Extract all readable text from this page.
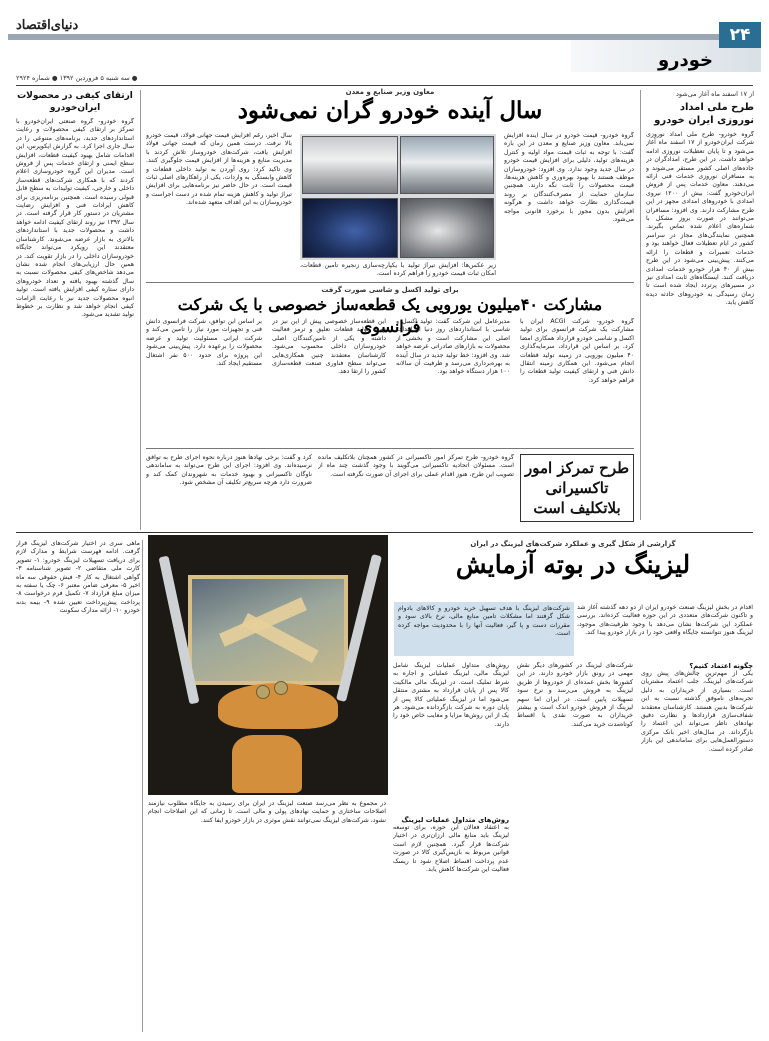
۲۴
دنیای‌اقتصاد
خودرو
● سه شنبه ۵ فروردین ۱۳۹۲ ● شماره ۲۹۲۴
ارتقای کیفی در محصولات ایران‌خودرو
گروه خودرو- گروه صنعتی ایران‌خودرو با تمرکز بر ارتقای کیفی محصولات و رعایت استانداردهای جدید، برنامه‌های متنوعی را در سال جاری اجرا کرد. به گزارش ایکوپرس، این اقدامات شامل بهبود کیفیت قطعات، افزایش سطح ایمنی و ارتقای خدمات پس از فروش است. مدیران این گروه خودروسازی اعلام کردند که با همکاری شرکت‌های قطعه‌ساز داخلی و خارجی، کیفیت تولیدات به سطح قابل قبولی رسیده است. همچنین برنامه‌ریزی برای کاهش ایرادات فنی و افزایش رضایت مشتریان در دستور کار قرار گرفته است. در سال ۱۳۹۲ نیز روند ارتقای کیفیت ادامه خواهد داشت و محصولات جدید با استانداردهای بالاتری به بازار عرضه می‌شوند. کارشناسان معتقدند این رویکرد می‌تواند جایگاه خودروسازان داخلی را در بازار تقویت کند. در همین حال ارزیابی‌های انجام شده نشان می‌دهد شاخص‌های کیفی محصولات نسبت به سال گذشته بهبود یافته و تعداد خودروهای دارای ستاره کیفی افزایش یافته است. تولید انبوه محصولات جدید نیز با رعایت الزامات کیفی انجام خواهد شد و نظارت بر خطوط تولید تشدید می‌شود.
از ۱۷ اسفند ماه آغاز می‌شود
طرح ملی امداد نوروزی ایران خودرو
گروه خودرو- طرح ملی امداد نوروزی شرکت ایران‌خودرو از ۱۷ اسفند ماه آغاز می‌شود و تا پایان تعطیلات نوروزی ادامه خواهد داشت. در این طرح، امدادگران در جاده‌های اصلی کشور مستقر می‌شوند و به مسافران نوروزی خدمات فنی ارائه می‌دهند. معاون خدمات پس از فروش ایران‌خودرو گفت: بیش از ۱۲۰۰ نیروی امدادی با خودروهای امدادی مجهز در این طرح مشارکت دارند. وی افزود: مسافران می‌توانند در صورت بروز مشکل با شماره‌های اعلام شده تماس بگیرند. همچنین نمایندگی‌های مجاز در سراسر کشور در ایام تعطیلات فعال خواهند بود و خدمات تعمیرات و قطعات را ارائه می‌کنند. پیش‌بینی می‌شود در این طرح بیش از ۴۰ هزار خودرو خدمات امدادی دریافت کنند. ایستگاه‌های ثابت امدادی نیز در مسیرهای پرتردد ایجاد شده است تا زمان رسیدگی به خودروهای حادثه دیده کاهش یابد.
معاون وزیر صنایع و معدن
سال آینده خودرو گران نمی‌شود
گروه خودرو- قیمت خودرو در سال آینده افزایش نمی‌یابد. معاون وزیر صنایع و معدن در این باره گفت: با توجه به ثبات قیمت مواد اولیه و کنترل هزینه‌های تولید، دلیلی برای افزایش قیمت خودرو در سال جدید وجود ندارد. وی افزود: خودروسازان موظف هستند با بهبود بهره‌وری و کاهش هزینه‌ها، قیمت محصولات را ثابت نگه دارند. همچنین سازمان حمایت از مصرف‌کنندگان بر روند قیمت‌گذاری نظارت خواهد داشت و هرگونه افزایش بدون مجوز با برخورد قانونی مواجه می‌شود.
زیر عکس‌ها: افزایش تیراژ تولید با یکپارچه‌سازی زنجیره تامین قطعات، امکان ثبات قیمت خودرو را فراهم کرده است.
سال اخیر، رغم افزایش قیمت جهانی فولاد، قیمت خودرو بالا نرفت. درست همین زمان که قیمت جهانی فولاد افزایش یافت، شرکت‌های خودروساز تلاش کردند با مدیریت منابع و هزینه‌ها از افزایش قیمت جلوگیری کنند. وی تاکید کرد: روی آوردن به تولید داخلی قطعات و کاهش وابستگی به واردات، یکی از راهکارهای اصلی ثبات قیمت است. در حال حاضر نیز برنامه‌هایی برای افزایش تیراژ تولید و کاهش هزینه تمام شده در دست اجراست و خودروسازان به این اهداف متعهد شده‌اند.
برای تولید اکسل و شاسی صورت گرفت
مشارکت ۴۰میلیون یورویی یک قطعه‌ساز خصوصی با یک شرکت فرانسوی	گروه خودرو- شرکت ACGI ایران با مشارکت یک شرکت فرانسوی برای تولید اکسل و شاسی خودرو قرارداد همکاری امضا کرد. بر اساس این قرارداد، سرمایه‌گذاری ۴۰ میلیون یورویی در زمینه تولید قطعات انجام می‌شود. این همکاری زمینه انتقال دانش فنی و ارتقای کیفیت تولید قطعات را فراهم خواهد کرد.
مدیرعامل این شرکت گفت: تولید اکسل و شاسی با استانداردهای روز دنیا از اهداف اصلی این مشارکت است و بخشی از محصولات به بازارهای صادراتی عرضه خواهد شد. وی افزود: خط تولید جدید در سال آینده به بهره‌برداری می‌رسد و ظرفیت آن سالانه ۱۰۰ هزار دستگاه خواهد بود.
این قطعه‌ساز خصوصی پیش از این نیز در زمینه تولید قطعات تعلیق و ترمز فعالیت داشته و یکی از تامین‌کنندگان اصلی خودروسازان داخلی محسوب می‌شود. کارشناسان معتقدند چنین همکاری‌هایی می‌تواند سطح فناوری صنعت قطعه‌سازی کشور را ارتقا دهد.
بر اساس این توافق، شرکت فرانسوی دانش فنی و تجهیزات مورد نیاز را تامین می‌کند و شرکت ایرانی مسئولیت تولید و عرضه محصولات را برعهده دارد. پیش‌بینی می‌شود این پروژه برای حدود ۵۰۰ نفر اشتغال مستقیم ایجاد کند.
کرد و گفت: برخی نهادها هنوز درباره نحوه اجرای طرح به توافق نرسیده‌اند. وی افزود: اجرای این طرح می‌تواند به ساماندهی ناوگان تاکسیرانی و بهبود خدمات به شهروندان کمک کند و ضرورت دارد هرچه سریع‌تر تکلیف آن مشخص شود.
گروه خودرو- طرح تمرکز امور تاکسیرانی در کشور همچنان بلاتکلیف مانده است. مسئولان اتحادیه تاکسیرانی می‌گویند با وجود گذشت چند ماه از تصویب این طرح، هنوز اقدام عملی برای اجرای آن صورت نگرفته است. طرح تمرکز امور تاکسیرانی بلاتکلیف است
گزارشی از شکل گیری و عملکرد شرکت‌های لیزینگ در ایران
لیزینگ در بوته آزمایش
اقدام در بخش لیزینگ صنعت خودرو ایران از دو دهه گذشته آغاز شد و تاکنون شرکت‌های متعددی در این حوزه فعالیت کرده‌اند. بررسی عملکرد این شرکت‌ها نشان می‌دهد با وجود ظرفیت‌های موجود، لیزینگ هنوز نتوانسته جایگاه واقعی خود را در بازار خودرو پیدا کند.
شرکت‌های لیزینگ با هدف تسهیل خرید خودرو و کالاهای بادوام شکل گرفتند اما مشکلات تامین منابع مالی، نرخ بالای سود و مقررات دست و پا گیر، فعالیت آنها را با محدودیت مواجه کرده است.
چگونه اعتماد کنیم؟
یکی از مهم‌ترین چالش‌های پیش روی شرکت‌های لیزینگ، جلب اعتماد مشتریان است. بسیاری از خریداران به دلیل تجربه‌های ناموفق گذشته نسبت به این شرکت‌ها بدبین هستند. کارشناسان معتقدند شفاف‌سازی قراردادها و نظارت دقیق نهادهای ناظر می‌تواند این اعتماد را بازگرداند. در سال‌های اخیر بانک مرکزی دستورالعمل‌هایی برای ساماندهی این بازار صادر کرده است.
شرکت‌های لیزینگ در کشورهای دیگر نقش مهمی در رونق بازار خودرو دارند. در این کشورها بخش عمده‌ای از خودروها از طریق لیزینگ به فروش می‌رسد و نرخ سود تسهیلات پایین است. در ایران اما سهم لیزینگ از فروش خودرو اندک است و بیشتر خریداران به صورت نقدی یا اقساط کوتاه‌مدت خرید می‌کنند.
روش‌های متداول عملیات لیزینگ شامل لیزینگ مالی، لیزینگ عملیاتی و اجاره به شرط تملیک است. در لیزینگ مالی مالکیت کالا پس از پایان قرارداد به مشتری منتقل می‌شود اما در لیزینگ عملیاتی کالا پس از پایان دوره به شرکت بازگردانده می‌شود. هر یک از این روش‌ها مزایا و معایب خاص خود را دارند.
روش‌های متداول عملیات لیزینگ
به اعتقاد فعالان این حوزه، برای توسعه لیزینگ باید منابع مالی ارزان‌تری در اختیار شرکت‌ها قرار گیرد. همچنین لازم است قوانین مربوط به بازپس‌گیری کالا در صورت عدم پرداخت اقساط اصلاح شود تا ریسک فعالیت این شرکت‌ها کاهش یابد.
در مجموع به نظر می‌رسد صنعت لیزینگ در ایران برای رسیدن به جایگاه مطلوب نیازمند اصلاحات ساختاری و حمایت نهادهای پولی و مالی است. تا زمانی که این اصلاحات انجام نشود، شرکت‌های لیزینگ نمی‌توانند نقش موثری در بازار خودرو ایفا کنند.
ماهی سری در اختیار شرکت‌های لیزینگ قرار گرفت. ادامه فهرست شرایط و مدارک لازم برای دریافت تسهیلات لیزینگ خودرو: ۱- تصویر کارت ملی متقاضی ۲- تصویر شناسنامه ۳- گواهی اشتغال به کار ۴- فیش حقوقی سه ماه اخیر ۵- معرفی ضامن معتبر ۶- چک یا سفته به میزان مبلغ قرارداد ۷- تکمیل فرم درخواست ۸- پرداخت پیش‌پرداخت تعیین شده ۹- بیمه بدنه خودرو ۱۰- ارائه مدارک سکونت
